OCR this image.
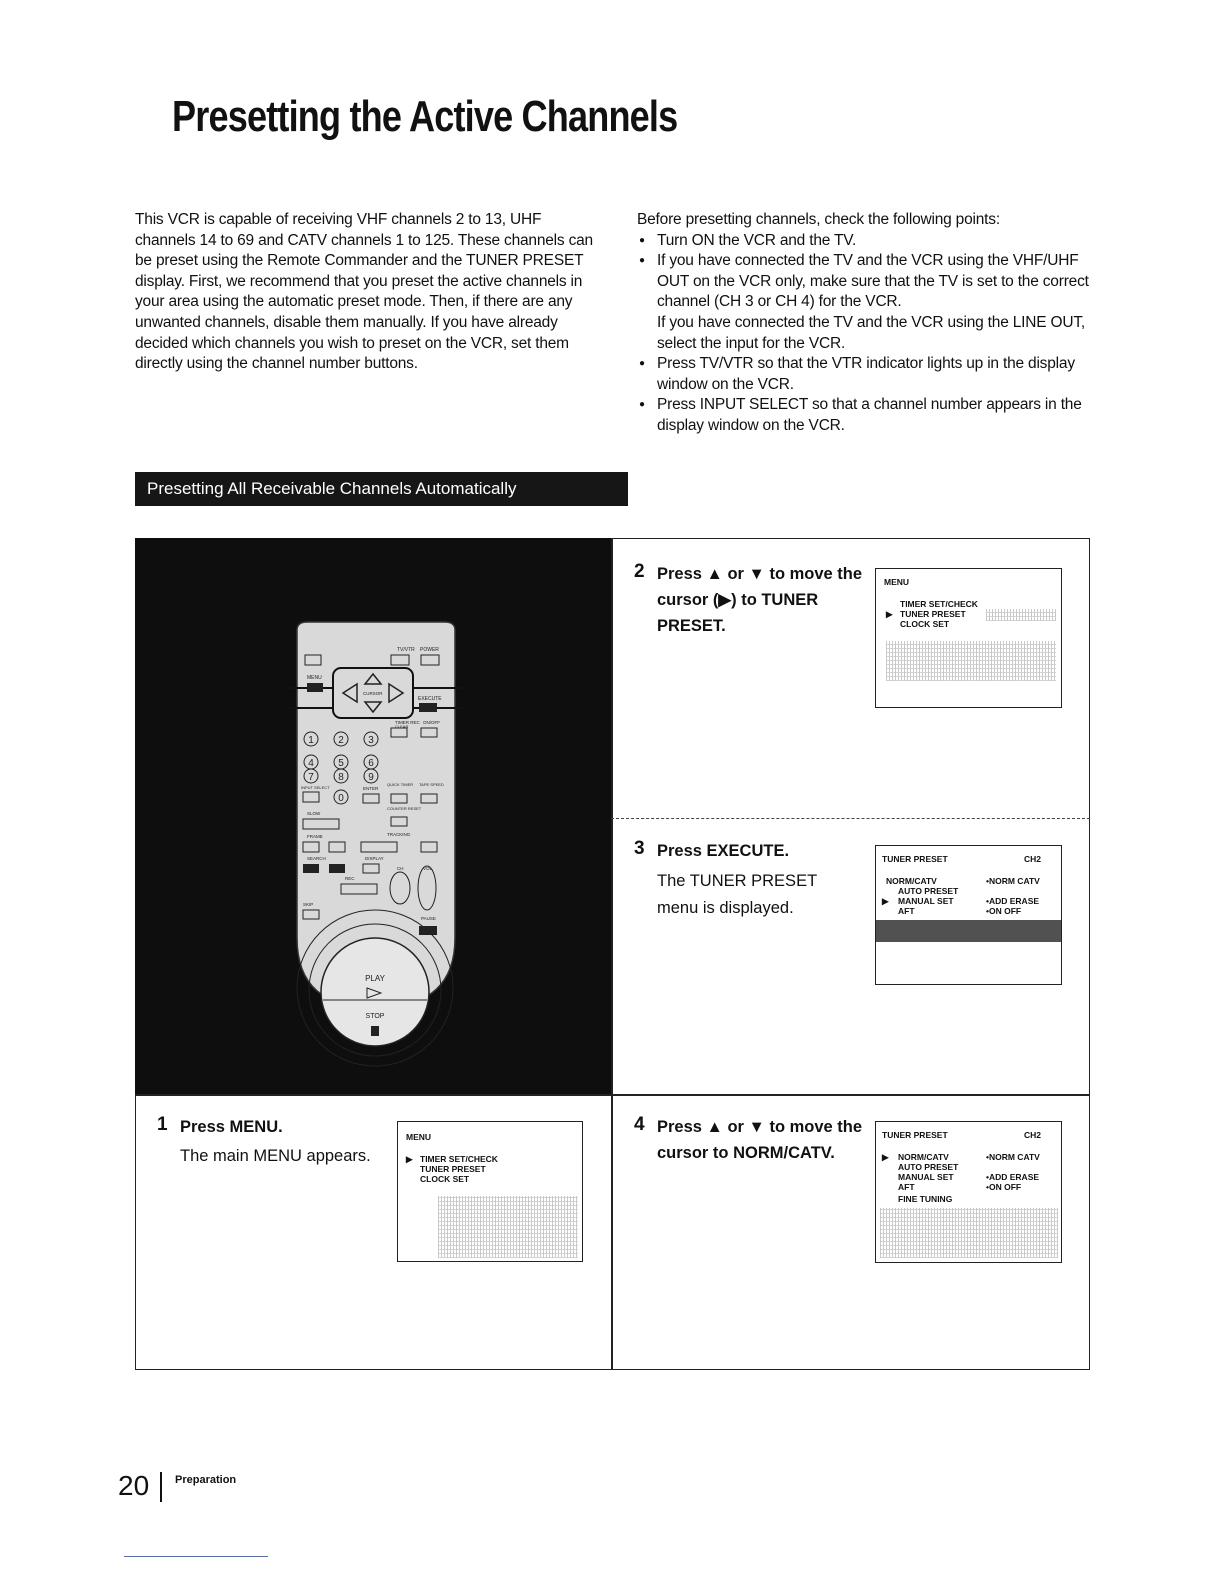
Presetting the Active Channels
This VCR is capable of receiving VHF channels 2 to 13, UHF channels 14 to 69 and CATV channels 1 to 125. These channels can be preset using the Remote Commander and the TUNER PRESET display. First, we recommend that you preset the active channels in your area using the automatic preset mode. Then, if there are any unwanted channels, disable them manually. If you have already decided which channels you wish to preset on the VCR, set them directly using the channel number buttons.
Before presetting channels, check the following points:
● Turn ON the VCR and the TV.
● If you have connected the TV and the VCR using the VHF/UHF OUT on the VCR only, make sure that the TV is set to the correct channel (CH 3 or CH 4) for the VCR.
If you have connected the TV and the VCR using the LINE OUT, select the input for the VCR.
● Press TV/VTR so that the VTR indicator lights up in the display window on the VCR.
● Press INPUT SELECT so that a channel number appears in the display window on the VCR.
Presetting All Receivable Channels Automatically
TV/VTR POWER
MENU
CURSOR
EXECUTE
1 2 3
4 5 6
7 8 9
0
TIMER REC
CLEAR
ON/OFF
INPUT SELECT	ENTER
QUICK TIMER TAPE SPEED
COUNTER RESET
SLOW
FRAME	TRACKING
SEARCH	DISPLAY
CH	VOL
REC
SKIP
PAUSE
PLAY
STOP
2 Press ▲ or ▼ to move the cursor (▶) to TUNER PRESET.
MENU
TIMER SET/CHECK
▶ TUNER PRESET
CLOCK SET
3 Press EXECUTE.
The TUNER PRESET menu is displayed.
TUNER PRESET	CH2
NORM/CATV	•NORM CATV
AUTO PRESET
▶ MANUAL SET	•ADD ERASE
AFT	•ON OFF
4 Press ▲ or ▼ to move the cursor to NORM/CATV.
TUNER PRESET	CH2
▶ NORM/CATV	•NORM CATV
AUTO PRESET
MANUAL SET	•ADD ERASE
AFT	•ON OFF
FINE TUNING
1 Press MENU.
The main MENU appears.
MENU
▶ TIMER SET/CHECK
TUNER PRESET
CLOCK SET
20 Preparation
